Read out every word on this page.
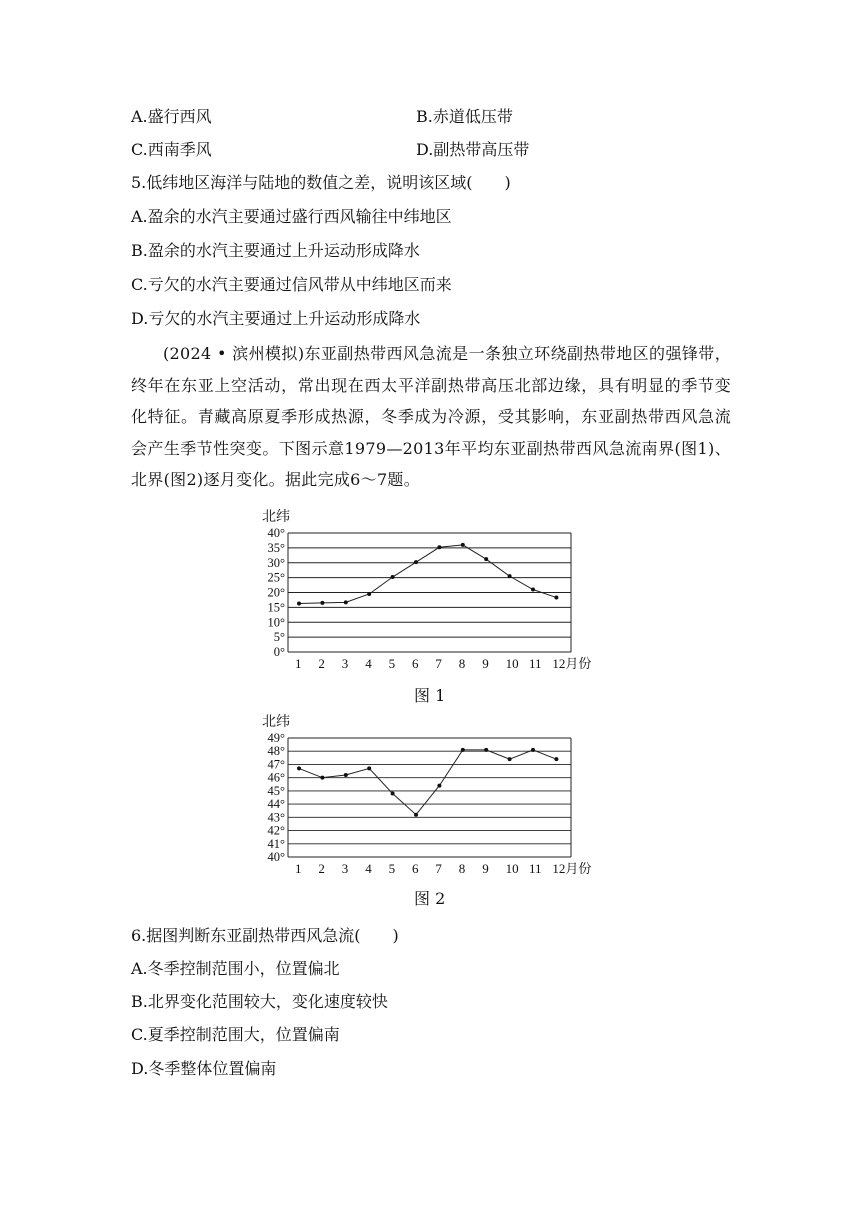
A.盛行西风	B.赤道低压带
C.西南季风	D.副热带高压带
5.低纬地区海洋与陆地的数值之差，说明该区域(　　)
A.盈余的水汽主要通过盛行西风输往中纬地区
B.盈余的水汽主要通过上升运动形成降水
C.亏欠的水汽主要通过信风带从中纬地区而来
D.亏欠的水汽主要通过上升运动形成降水
(2024 • 滨州模拟)东亚副热带西风急流是一条独立环绕副热带地区的强锋带，终年在东亚上空活动，常出现在西太平洋副热带高压北部边缘，具有明显的季节变化特征。青藏高原夏季形成热源，冬季成为冷源，受其影响，东亚副热带西风急流会产生季节性突变。下图示意1979—2013年平均东亚副热带西风急流南界(图1)、北界(图2)逐月变化。据此完成6～7题。
北纬
0°
5°
10°
15°
20°
25°
30°
35°
40°
1 2 3 4 5 6 7 8 9 10 11 12月份
图 1
北纬
40°
41°
42°
43°
44°
45°
46°
47°
48°
49°
1 2 3 4 5 6 7 8 9 10 11 12月份
图 2
6.据图判断东亚副热带西风急流(　　)
A.冬季控制范围小，位置偏北
B.北界变化范围较大，变化速度较快
C.夏季控制范围大，位置偏南
D.冬季整体位置偏南
